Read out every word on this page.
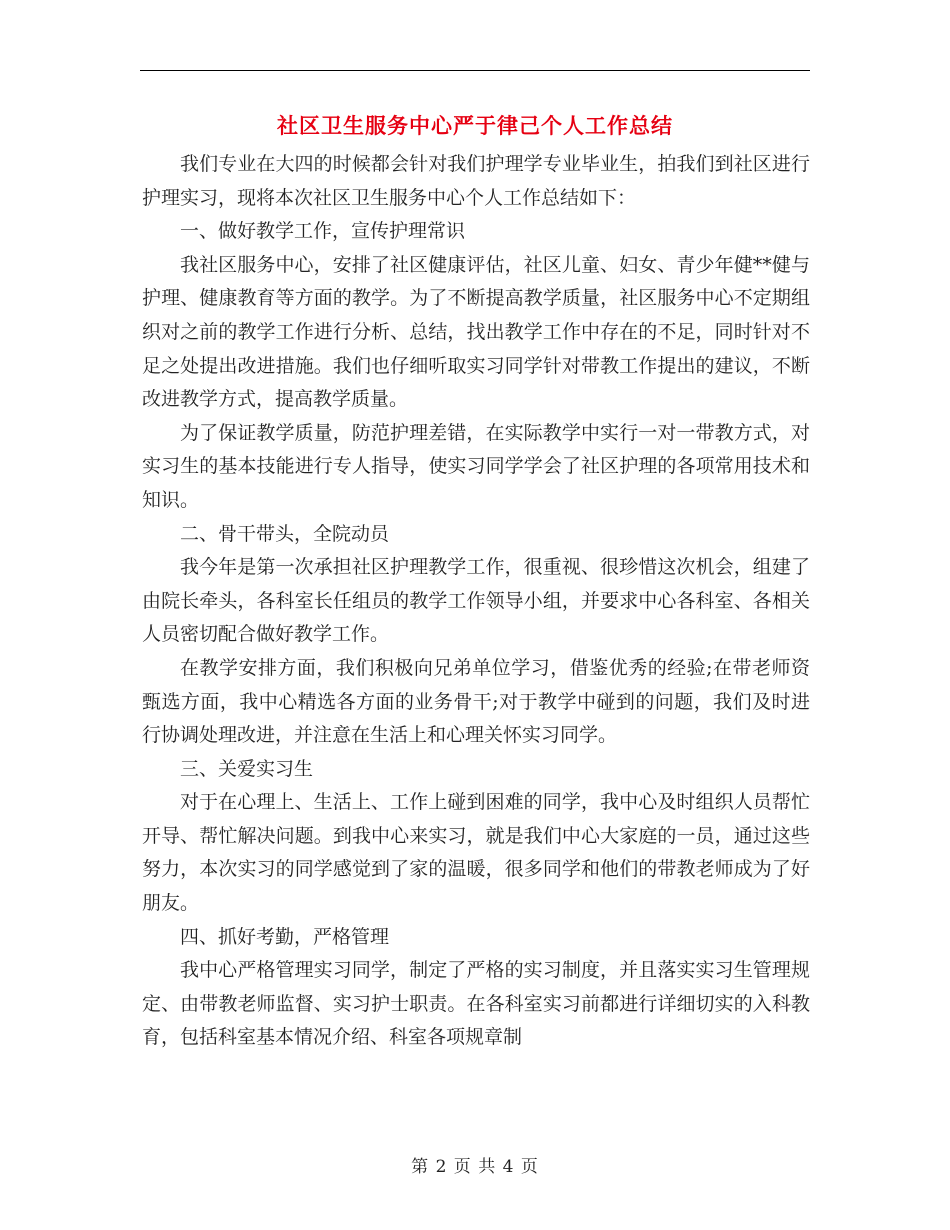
社区卫生服务中心严于律己个人工作总结

我们专业在大四的时候都会针对我们护理学专业毕业生，拍我们到社区进行护理实习，现将本次社区卫生服务中心个人工作总结如下：

一、做好教学工作，宣传护理常识

我社区服务中心，安排了社区健康评估，社区儿童、妇女、青少年健**健与护理、健康教育等方面的教学。为了不断提高教学质量，社区服务中心不定期组织对之前的教学工作进行分析、总结，找出教学工作中存在的不足，同时针对不足之处提出改进措施。我们也仔细听取实习同学针对带教工作提出的建议，不断改进教学方式，提高教学质量。

为了保证教学质量，防范护理差错，在实际教学中实行一对一带教方式，对实习生的基本技能进行专人指导，使实习同学学会了社区护理的各项常用技术和知识。

二、骨干带头，全院动员

我今年是第一次承担社区护理教学工作，很重视、很珍惜这次机会，组建了由院长牵头，各科室长任组员的教学工作领导小组，并要求中心各科室、各相关人员密切配合做好教学工作。

在教学安排方面，我们积极向兄弟单位学习，借鉴优秀的经验;在带老师资甄选方面，我中心精选各方面的业务骨干;对于教学中碰到的问题，我们及时进行协调处理改进，并注意在生活上和心理关怀实习同学。

三、关爱实习生

对于在心理上、生活上、工作上碰到困难的同学，我中心及时组织人员帮忙开导、帮忙解决问题。到我中心来实习，就是我们中心大家庭的一员，通过这些努力，本次实习的同学感觉到了家的温暖，很多同学和他们的带教老师成为了好朋友。

四、抓好考勤，严格管理

我中心严格管理实习同学，制定了严格的实习制度，并且落实实习生管理规定、由带教老师监督、实习护士职责。在各科室实习前都进行详细切实的入科教育，包括科室基本情况介绍、科室各项规章制

第 2 页 共 4 页
